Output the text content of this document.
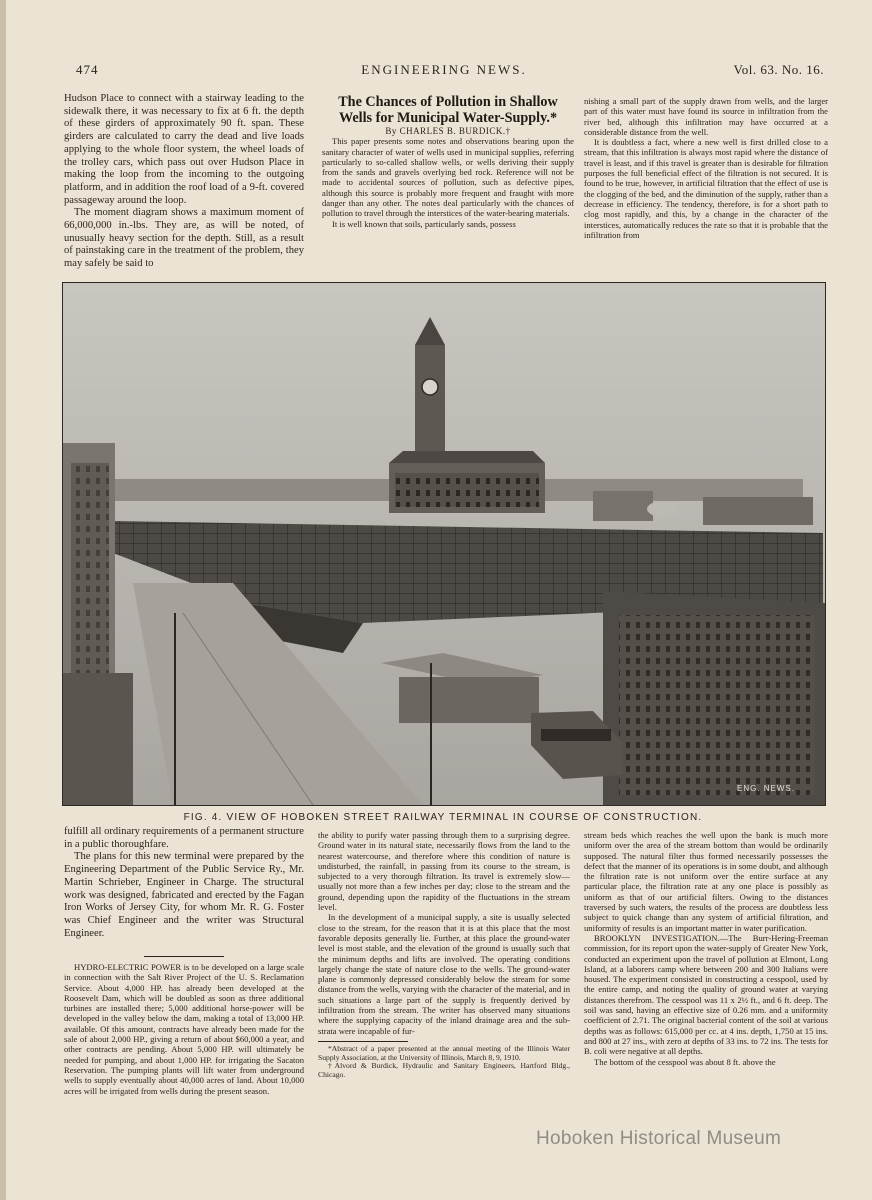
474	ENGINEERING NEWS.	Vol. 63. No. 16.

Hudson Place to connect with a stairway leading to the sidewalk there, it was necessary to fix at 6 ft. the depth of these girders of approximately 90 ft. span. These girders are calculated to carry the dead and live loads applying to the whole floor system, the wheel loads of the trolley cars, which pass out over Hudson Place in making the loop from the incoming to the outgoing platform, and in addition the roof load of a 9-ft. covered passageway around the loop.

The moment diagram shows a maximum moment of 66,000,000 in.-lbs. They are, as will be noted, of unusually heavy section for the depth. Still, as a result of painstaking care in the treatment of the problem, they may safely be said to

The Chances of Pollution in Shallow Wells for Municipal Water-Supply.*

By CHARLES B. BURDICK.†

This paper presents some notes and observations bearing upon the sanitary character of water of wells used in municipal supplies, referring particularly to so-called shallow wells, or wells deriving their supply from the sands and gravels overlying bed rock. Reference will not be made to accidental sources of pollution, such as defective pipes, although this source is probably more frequent and fraught with more danger than any other. The notes deal particularly with the chances of pollution to travel through the interstices of the water-bearing materials.

It is well known that soils, particularly sands, possess

nishing a small part of the supply drawn from wells, and the larger part of this water must have found its source in infiltration from the river bed, although this infiltration may have occurred at a considerable distance from the well.

It is doubtless a fact, where a new well is first drilled close to a stream, that this infiltration is always most rapid where the distance of travel is least, and if this travel is greater than is desirable for filtration purposes the full beneficial effect of the filtration is not secured. It is found to be true, however, in artificial filtration that the effect of use is the clogging of the bed, and the diminution of the supply, rather than a decrease in efficiency. The tendency, therefore, is for a short path to clog most rapidly, and this, by a change in the character of the interstices, automatically reduces the rate so that it is probable that the infiltration from

ENG. NEWS.
FIG. 4. VIEW OF HOBOKEN STREET RAILWAY TERMINAL IN COURSE OF CONSTRUCTION.

fulfill all ordinary requirements of a permanent structure in a public thoroughfare.

The plans for this new terminal were prepared by the Engineering Department of the Public Service Ry., Mr. Martin Schrieber, Engineer in Charge. The structural work was designed, fabricated and erected by the Fagan Iron Works of Jersey City, for whom Mr. R. G. Foster was Chief Engineer and the writer was Structural Engineer.

HYDRO-ELECTRIC POWER is to be developed on a large scale in connection with the Salt River Project of the U. S. Reclamation Service. About 4,000 HP. has already been developed at the Roosevelt Dam, which will be doubled as soon as three additional turbines are installed there; 5,000 additional horse-power will be developed in the valley below the dam, making a total of 13,000 HP. available. Of this amount, contracts have already been made for the sale of about 2,000 HP., giving a return of about $60,000 a year, and other contracts are pending. About 5,000 HP. will ultimately be needed for pumping, and about 1,000 HP. for irrigating the Sacaton Reservation. The pumping plants will lift water from underground wells to supply eventually about 40,000 acres of land. About 10,000 acres will be irrigated from wells during the present season.

the ability to purify water passing through them to a surprising degree. Ground water in its natural state, necessarily flows from the land to the nearest watercourse, and therefore where this condition of nature is undisturbed, the rainfall, in passing from its course to the stream, is subjected to a very thorough filtration. Its travel is extremely slow—usually not more than a few inches per day; close to the stream and the ground, depending upon the rapidity of the fluctuations in the stream level.

In the development of a municipal supply, a site is usually selected close to the stream, for the reason that it is at this place that the most favorable deposits generally lie. Further, at this place the ground-water level is most stable, and the elevation of the ground is usually such that the minimum depths and lifts are involved. The operating conditions largely change the state of nature close to the wells. The ground-water plane is commonly depressed considerably below the stream for some distance from the wells, varying with the character of the material, and in such situations a large part of the supply is frequently derived by infiltration from the stream. The writer has observed many situations where the supplying capacity of the inland drainage area and the sub-strata were incapable of fur-

*Abstract of a paper presented at the annual meeting of the Illinois Water Supply Association, at the University of Illinois, March 8, 9, 1910.

†Alvord & Burdick, Hydraulic and Sanitary Engineers, Hartford Bldg., Chicago.

stream beds which reaches the well upon the bank is much more uniform over the area of the stream bottom than would be ordinarily supposed. The natural filter thus formed necessarily possesses the defect that the manner of its operations is in some doubt, and although the filtration rate is not uniform over the entire surface at any particular place, the filtration rate at any one place is possibly as uniform as that of our artificial filters. Owing to the distances traversed by such waters, the results of the process are doubtless less subject to quick change than any system of artificial filtration, and uniformity of results is an important matter in water purification.

BROOKLYN INVESTIGATION.—The Burr-Hering-Freeman commission, for its report upon the water-supply of Greater New York, conducted an experiment upon the travel of pollution at Elmont, Long Island, at a laborers camp where between 200 and 300 Italians were housed. The experiment consisted in constructing a cesspool, used by the entire camp, and noting the quality of ground water at varying distances therefrom. The cesspool was 11 x 2½ ft., and 6 ft. deep. The soil was sand, having an effective size of 0.26 mm. and a uniformity coefficient of 2.71. The original bacterial content of the soil at various depths was as follows: 615,000 per cc. at 4 ins. depth, 1,750 at 15 ins. and 800 at 27 ins., with zero at depths of 33 ins. to 72 ins. The tests for B. coli were negative at all depths.

The bottom of the cesspool was about 8 ft. above the

Hoboken Historical Museum
